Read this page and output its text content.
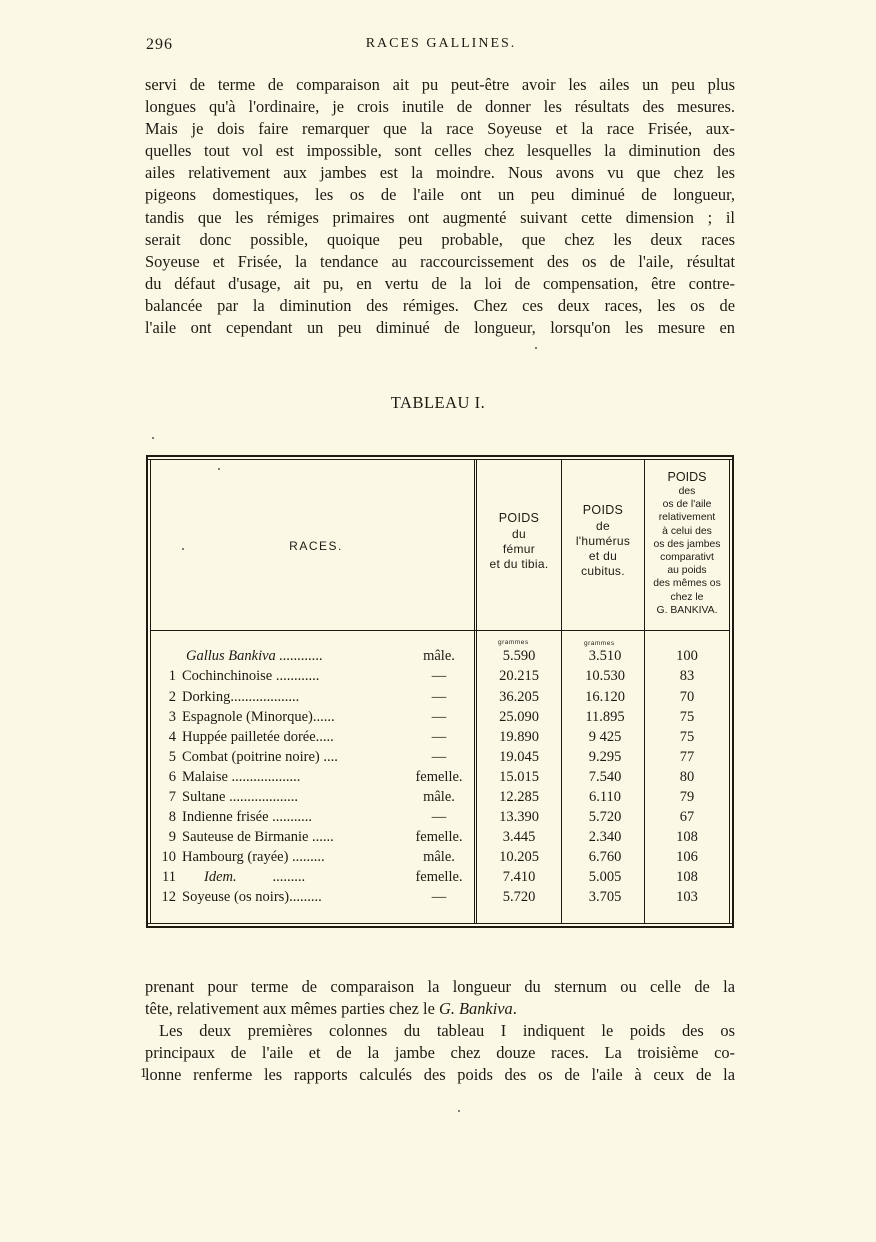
296	RACES GALLINES.
servi de terme de comparaison ait pu peut-être avoir les ailes un peu plus
longues qu'à l'ordinaire, je crois inutile de donner les résultats des mesures.
Mais je dois faire remarquer que la race Soyeuse et la race Frisée, aux-
quelles tout vol est impossible, sont celles chez lesquelles la diminution des
ailes relativement aux jambes est la moindre. Nous avons vu que chez les
pigeons domestiques, les os de l'aile ont un peu diminué de longueur,
tandis que les rémiges primaires ont augmenté suivant cette dimension ; il
serait donc possible, quoique peu probable, que chez les deux races
Soyeuse et Frisée, la tendance au raccourcissement des os de l'aile, résultat
du défaut d'usage, ait pu, en vertu de la loi de compensation, être contre-
balancée par la diminution des rémiges. Chez ces deux races, les os de
l'aile ont cependant un peu diminué de longueur, lorsqu'on les mesure en
TABLEAU I.
RACES.
POIDS
du
fémur
et du tibia.
POIDS
de
l'humérus
et du
cubitus.
POIDS
des
os de l'aile
relativement
à celui des
os des jambes
comparativt
au poids
des mêmes os
chez le
G. BANKIVA.
grammes	grammes
Gallus Bankiva ............	mâle.	5.590	3.510	100
1 Cochinchinoise ............	—	20.215	10.530	83
2 Dorking...................	—	36.205	16.120	70
3 Espagnole (Minorque)......	—	25.090	11.895	75
4 Huppée pailletée dorée.....	—	19.890	9 425	75
5 Combat (poitrine noire) ....	—	19.045	9.295	77
6 Malaise ...................	femelle.	15.015	7.540	80
7 Sultane ...................	mâle.	12.285	6.110	79
8 Indienne frisée ...........	—	13.390	5.720	67
9 Sauteuse de Birmanie ......	femelle.	3.445	2.340	108
10 Hambourg (rayée) .........	mâle.	10.205	6.760	106
11 Idem.          .........	femelle.	7.410	5.005	108
12 Soyeuse (os noirs).........	—	5.720	3.705	103
prenant pour terme de comparaison la longueur du sternum ou celle de la
tête, relativement aux mêmes parties chez le G. Bankiva.
Les deux premières colonnes du tableau I indiquent le poids des os
principaux de l'aile et de la jambe chez douze races. La troisième co-
lonne renferme les rapports calculés des poids des os de l'aile à ceux de la
1
